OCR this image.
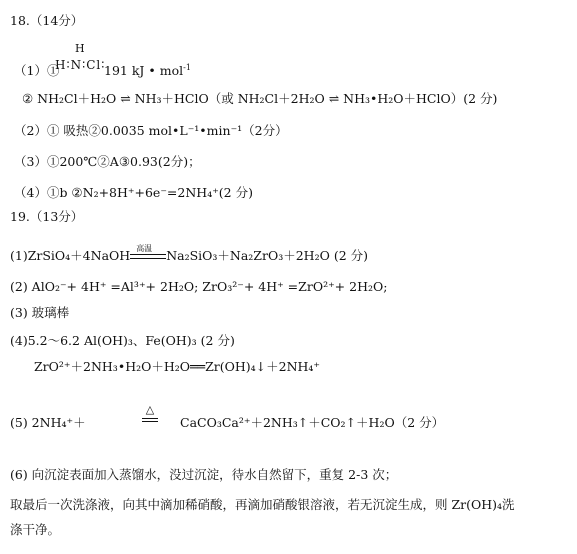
18.（14分）
（1）①
H
H∶N∶Cl∶
191 kJ • mol$^{-1}$
② NH₂Cl＋H₂O ⇌ NH₃＋HClO（或 NH₂Cl＋2H₂O ⇌ NH₃•H₂O＋HClO）(2 分)
（2）① 吸热②0.0035 mol•L⁻¹•min⁻¹（2分）
（3）①200℃②A③0.93(2分)；
（4）①b ②N₂+8H⁺+6e⁻=2NH₄⁺(2 分)
19.（13分）
(1)ZrSiO₄＋4NaOH 高温 Na₂SiO₃＋Na₂ZrO₃＋2H₂O (2 分)
(2) AlO₂⁻+ 4H⁺ =Al³⁺+ 2H₂O; ZrO₃²⁻+ 4H⁺ =ZrO²⁺+ 2H₂O;
(3) 玻璃棒
(4)5.2～6.2 Al(OH)₃、Fe(OH)₃ (2 分)
ZrO²⁺＋2NH₃•H₂O＋H₂O══Zr(OH)₄↓＋2NH₄⁺
(5) 2NH₄⁺＋
△
CaCO₃Ca²⁺＋2NH₃↑＋CO₂↑＋H₂O（2 分）
(6) 向沉淀表面加入蒸馏水，没过沉淀，待水自然留下，重复 2-3 次；
取最后一次洗涤液，向其中滴加稀硝酸，再滴加硝酸银溶液，若无沉淀生成，则 Zr(OH)₄洗
涤干净。
